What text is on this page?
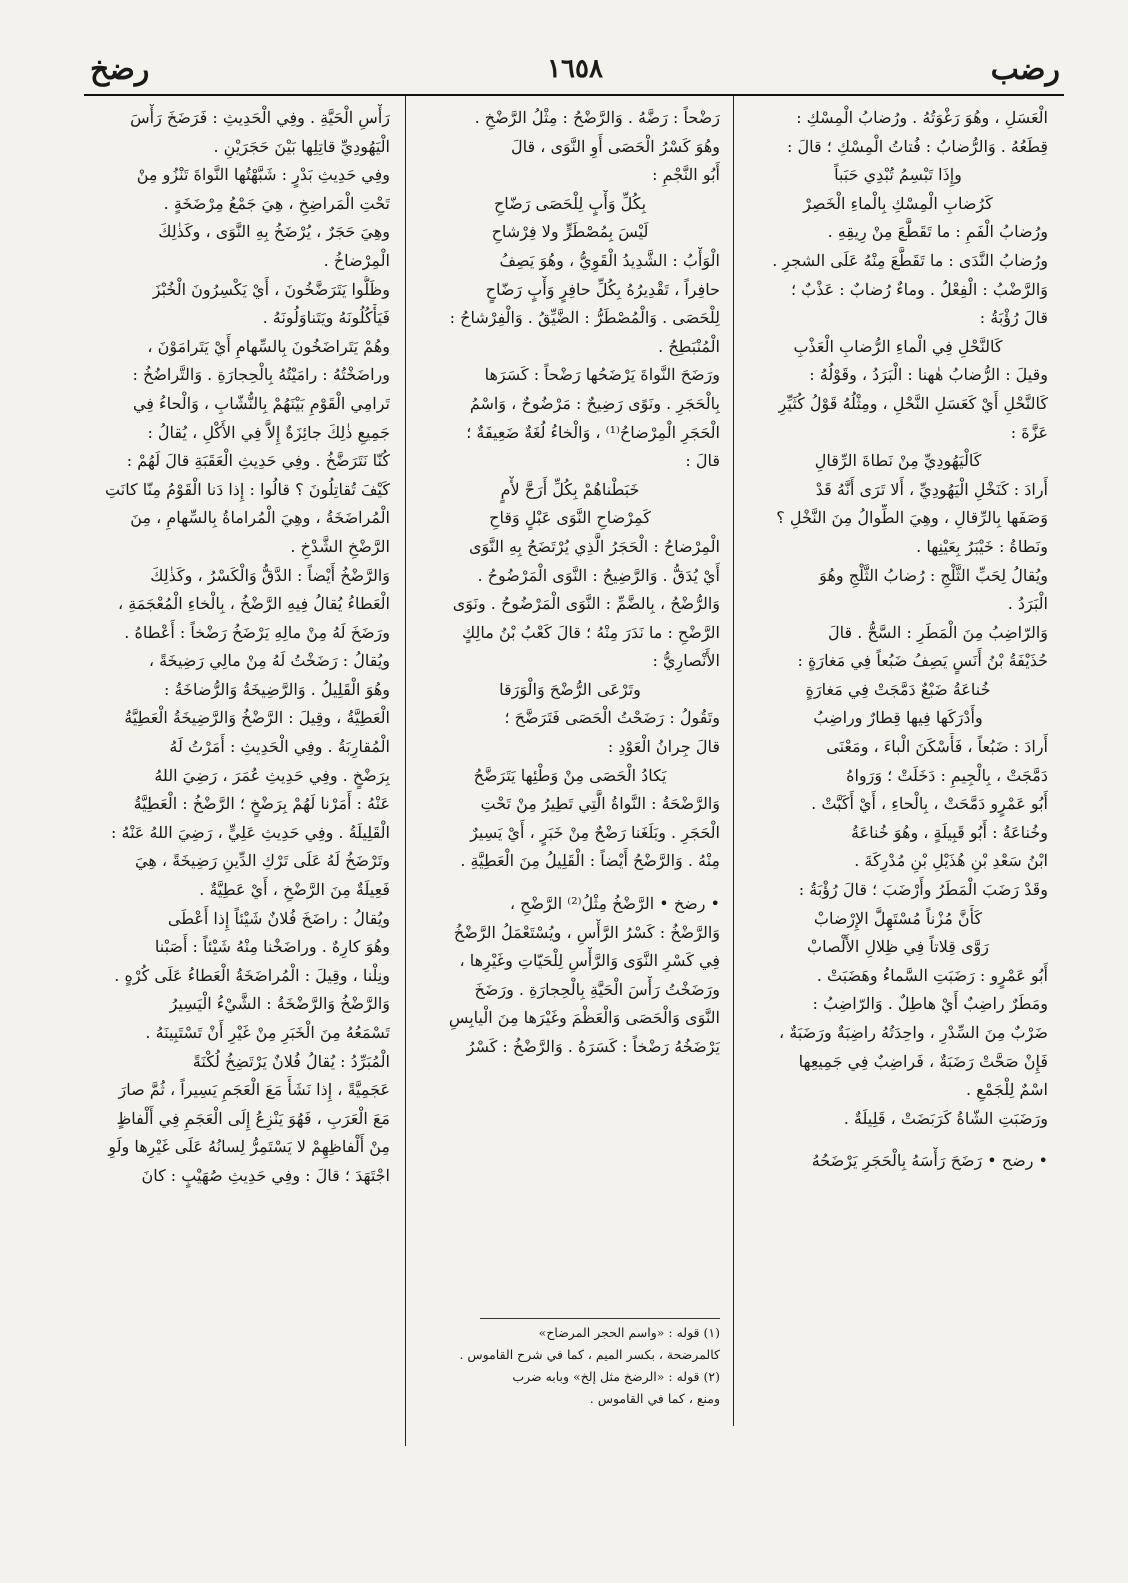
رضب
١٦٥٨
رضخ
الْعَسَلِ ، وهُوَ رَغْوَتُهُ . ورُضابُ الْمِسْكِ :
قِطَعُهُ . وَالرُّضابُ : فُتاتُ الْمِسْكِ ؛ قالَ :
وإِذَا تَبْسِمُ تُبْدِي حَبَباً
كَرُضابِ الْمِسْكِ بِالْماءِ الْخَصِرْ
ورُضابُ الْفَمِ : ما تَقَطَّعَ مِنْ رِيقِهِ .
ورُضابُ النَّدَى : ما تَقَطَّعَ مِنْهُ عَلَى الشجرِ .
وَالرَّضْبُ : الْفِعْلُ . وماءٌ رُضابٌ : عَذْبٌ ؛
قالَ رُؤْبَةُ :
كَالنَّحْلِ فِي الْماءِ الرُّضابِ الْعَذْبِ
وقيلَ : الرُّضابُ هٰهنا : الْبَرَدُ ، وقَوْلُهُ :
كَالنَّحْلِ أَيْ كَعَسَلِ النَّحْلِ ، ومِثْلُهُ قَوْلُ كُثَيِّرِ
عَزَّةَ :
كَالْيَهُودِيِّ مِنْ نَطاةَ الرِّقالِ
أَرادَ : كَنَخْلِ الْيَهُودِيِّ ، أَلا تَرَى أَنَّهُ قَدْ
وَصَفَها بِالرِّقالِ ، وهِيَ الطِّوالُ مِنَ النَّخْلِ ؟
ونَطاةُ : خَيْبَرُ بِعَيْنِها .
ويُقالُ لِحَبِّ الثَّلْجِ : رُضابُ الثَّلْجِ وهُوَ
الْبَرَدُ .
وَالرّاضِبُ مِنَ الْمَطَرِ : السَّحُّ . قالَ
حُذَيْفَةُ بْنُ أَنَسٍ يَصِفُ ضَبُعاً فِي مَغارَةٍ :
خُناعَةُ ضَبْعٌ دَمَّجَتْ فِي مَغارَةٍ
وأَدْرَكَها فِيها قِطارٌ وراضِبُ
أَرادَ : ضَبُعاً ، فَأَسْكَنَ الْباءَ ، ومَعْنَى
دَمَّجَتْ ، بِالْجِيمِ : دَخَلَتْ ؛ وَرَواهُ
أَبُو عَمْرٍو دَمَّحَتْ ، بِالْحاءِ ، أَيْ أَكَبَّتْ .
وخُناعَةُ : أَبُو قَبِيلَةٍ ، وهُوَ خُناعَةُ
ابْنُ سَعْدِ بْنِ هُذَيْلِ بْنِ مُدْرِكَةَ .
وقَدْ رَضَبَ الْمَطَرُ وأَرْضَبَ ؛ قالَ رُؤْبَةُ :
كَأَنَّ مُزْناً مُسْتَهِلَّ الإِرْضابْ
رَوَّى قِلاتاً فِي ظِلالِ الأَلْصابْ
أَبُو عَمْرٍو : رَضَبَتِ السَّماءُ وهَضَبَتْ .
ومَطَرٌ راضِبٌ أَيْ هاطِلٌ . وَالرّاضِبُ :
ضَرْبٌ مِنَ السِّدْرِ ، واحِدَتُهُ راضِبَةٌ ورَضَبَةٌ ،
فَإِنْ صَحَّتْ رَضَبَةٌ ، فَراضِبٌ فِي جَمِيعِها
اسْمٌ لِلْجَمْعِ .
ورَضَبَتِ الشّاةُ كَرَبَضَتْ ، قَلِيلَةٌ .
• رضح • رَضَحَ رَأْسَهُ بِالْحَجَرِ يَرْضَحُهُ
رَضْحاً : رَضَّهُ . وَالرَّضْحُ : مِثْلُ الرَّضْخِ .
وهُوَ كَسْرُ الْحَصَى أَوِ النَّوَى ، قالَ
أَبُو النَّجْمِ :
بِكُلِّ وَأْبٍ لِلْحَصَى رَضّاحِ
لَيْسَ بِمُصْطَرٍّ ولا فِرْشاحِ
الْوَأْبُ : الشَّدِيدُ الْقَوِيُّ ، وهُوَ يَصِفُ
حافِراً ، تَقْدِيرُهُ بِكُلِّ حافِرٍ وَأْبٍ رَضّاحٍ
لِلْحَصَى . وَالْمُصْطَرُّ : الضَّيِّقُ . وَالْفِرْشاحُ :
الْمُنْبَطِحُ .
ورَضَحَ النَّواةَ يَرْضَحُها رَضْحاً : كَسَرَها
بِالْحَجَرِ . ونَوًى رَضِيحٌ : مَرْضُوحٌ ، وَاسْمُ
الْحَجَرِ الْمِرْضاحُ⁽¹⁾ ، وَالْخاءُ لُغَةٌ ضَعِيفَةٌ ؛
قالَ :
خَبَطْناهُمْ بِكُلِّ أَرَحَّ لأْمٍ
كَمِرْضاحِ النَّوَى عَبْلٍ وَقاحِ
الْمِرْضاحُ : الْحَجَرُ الَّذِي يُرْتَضَحُ بِهِ النَّوَى
أَيْ يُدَقُّ . وَالرَّضِيحُ : النَّوَى الْمَرْضُوحُ .
وَالرُّضْحُ ، بِالضَّمِّ : النَّوَى الْمَرْضُوحُ . ونَوَى
الرَّضْحِ : ما نَدَرَ مِنْهُ ؛ قالَ كَعْبُ بْنُ مالِكٍ
الأَنْصارِيُّ :
وتَرْعَى الرُّضْحَ وَالْوَرَقا
وتَقُولُ : رَضَحْتُ الْحَصَى فَتَرَضَّحَ ؛
قالَ جِرانُ الْعَوْدِ :
يَكادُ الْحَصَى مِنْ وَطْئِها يَتَرَضَّحُ
وَالرَّضْحَةُ : النَّواةُ الَّتِي تَطِيرُ مِنْ تَحْتِ
الْحَجَرِ . وبَلَغَنا رَضْحٌ مِنْ خَبَرٍ ، أَيْ يَسِيرٌ
مِنْهُ . وَالرَّضْحُ أَيْضاً : الْقَلِيلُ مِنَ الْعَطِيَّةِ .
• رضخ • الرَّضْخُ مِثْلُ⁽²⁾ الرَّضْحِ ،
وَالرَّضْخُ : كَسْرُ الرَّأْسِ ، ويُسْتَعْمَلُ الرَّضْخُ
فِي كَسْرِ النَّوَى وَالرَّأْسِ لِلْحَيّاتِ وغَيْرِها ،
ورَضَخْتُ رَأْسَ الْحَيَّةِ بِالْحِجارَةِ . ورَضَخَ
النَّوَى وَالْحَصَى وَالْعَظْمَ وغَيْرَها مِنَ الْيابِسِ
يَرْضَخُهُ رَضْخاً : كَسَرَهُ . وَالرَّضْخُ : كَسْرُ
رَأْسِ الْحَيَّةِ . وفِي الْحَدِيثِ : فَرَضَخَ رَأْسَ
الْيَهُودِيِّ قاتِلِها بَيْنَ حَجَرَيْنِ .
وفِي حَدِيثِ بَدْرٍ : شَبَّهْتُها النَّواةَ تَنْزُو مِنْ
تَحْتِ الْمَراضِخِ ، هِيَ جَمْعُ مِرْضَخَةٍ .
وهِيَ حَجَرٌ ، يُرْضَخُ بِهِ النَّوَى ، وكَذٰلِكَ
الْمِرْضاخُ .
وظَلُّوا يَتَرَضَّخُونَ ، أَيْ يَكْسِرُونَ الْخُبْزَ
فَيَأْكُلُونَهُ ويَتَناوَلُونَهُ .
وهُمْ يَتَراضَخُونَ بِالسِّهامِ أَيْ يَتَرامَوْنَ ،
وراضَخْتُهُ : رامَيْتُهُ بِالْحِجارَةِ . وَالتَّراضُخُ :
تَرامِي الْقَوْمِ بَيْنَهُمْ بِالنُّشّابِ ، وَالْحاءُ فِي
جَمِيعِ ذٰلِكَ جائِزَةٌ إِلاَّ فِي الأَكْلِ ، يُقالُ :
كُنّا نَتَرَضَّخُ . وفِي حَدِيثِ الْعَقَبَةِ قالَ لَهُمْ :
كَيْفَ تُقاتِلُونَ ؟ قالُوا : إِذا دَنا الْقَوْمُ مِنّا كانَتِ
الْمُراضَخَةُ ، وهِيَ الْمُراماةُ بِالسِّهامِ ، مِنَ
الرَّضْخِ الشَّدْخِ .
وَالرَّضْخُ أَيْضاً : الدَّقُّ وَالْكَسْرُ ، وكَذٰلِكَ
الْعَطاءُ يُقالُ فِيهِ الرَّضْخُ ، بِالْخاءِ الْمُعْجَمَةِ ،
ورَضَخَ لَهُ مِنْ مالِهِ يَرْضَخُ رَضْخاً : أَعْطاهُ .
ويُقالُ : رَضَخْتُ لَهُ مِنْ مالِي رَضِيخَةً ،
وهُوَ الْقَلِيلُ . وَالرَّضِيخَةُ وَالرُّضاخَةُ :
الْعَطِيَّةُ ، وقِيلَ : الرَّضْخُ وَالرَّضِيخَةُ الْعَطِيَّةُ
الْمُقارِبَةُ . وفِي الْحَدِيثِ : أَمَرْتُ لَهُ
بِرَضْخٍ . وفِي حَدِيثِ عُمَرَ ، رَضِيَ اللهُ
عَنْهُ : أَمَرْنا لَهُمْ بِرَضْخٍ ؛ الرَّضْخُ : الْعَطِيَّةُ
الْقَلِيلَةُ . وفِي حَدِيثِ عَلِيٍّ ، رَضِيَ اللهُ عَنْهُ :
وتَرْضَخُ لَهُ عَلَى تَرْكِ الدِّينِ رَضِيخَةً ، هِيَ
فَعِيلَةٌ مِنَ الرَّضْخِ ، أَيْ عَطِيَّةٌ .
ويُقالُ : راضَخَ فُلانٌ شَيْئاً إِذا أَعْطَى
وهُوَ كارِهٌ . وراضَخْنا مِنْهُ شَيْئاً : أَصَبْنا
ونِلْنا ، وقِيلَ : الْمُراضَخَةُ الْعَطاءُ عَلَى كُرْهٍ .
وَالرَّضْخُ وَالرَّضْخَةُ : الشَّيْءُ الْيَسِيرُ
تَسْمَعُهُ مِنَ الْخَبَرِ مِنْ غَيْرِ أَنْ تَسْتَبِينَهُ .
الْمُبَرِّدُ : يُقالُ فُلانٌ يَرْتَضِخُ لُكْنَةً
عَجَمِيَّةً ، إِذا نَشَأَ مَعَ الْعَجَمِ يَسِيراً ، ثُمَّ صارَ
مَعَ الْعَرَبِ ، فَهُوَ يَنْزِعُ إِلَى الْعَجَمِ فِي أَلْفاظٍ
مِنْ أَلْفاظِهِمْ لا يَسْتَمِرُّ لِسانُهُ عَلَى غَيْرِها ولَوِ
اجْتَهَدَ ؛ قالَ : وفِي حَدِيثِ صُهَيْبٍ : كانَ
(١) قوله : «واسم الحجر المرضاح»
كالمرضحة ، بكسر الميم ، كما في شرح القاموس .
(٢) قوله : «الرضخ مثل إلخ» وبابه ضرب
ومنع ، كما في القاموس .
